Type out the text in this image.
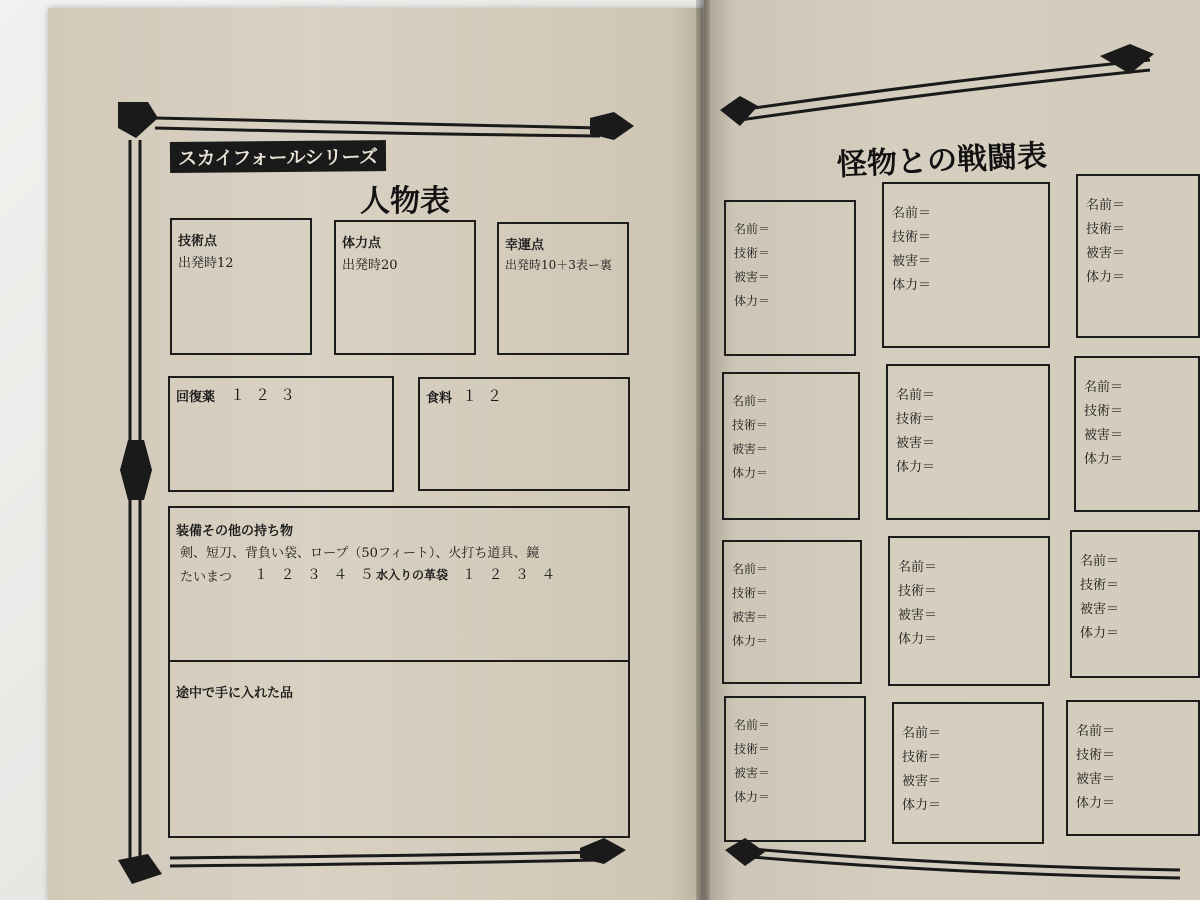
スカイフォールシリーズ
人物表
技術点
出発時12
体力点
出発時20
幸運点
出発時10＋3表ー裏
回復薬 １２３	食料 １２
装備その他の持ち物
剣、短刀、背負い袋、ロープ（50フィート）、火打ち道具、鏡
たいまつ １ ２ ３ ４ ５、
水入りの革袋 １ ２ ３ ４
途中で手に入れた品
怪物との戦闘表
名前＝
技術＝
被害＝
体力＝
名前＝
技術＝
被害＝
体力＝
名前＝
技術＝
被害＝
体力＝
名前＝
技術＝
被害＝
体力＝
名前＝
技術＝
被害＝
体力＝
名前＝
技術＝
被害＝
体力＝
名前＝
技術＝
被害＝
体力＝
名前＝
技術＝
被害＝
体力＝
名前＝
技術＝
被害＝
体力＝
名前＝
技術＝
被害＝
体力＝
名前＝
技術＝
被害＝
体力＝
名前＝
技術＝
被害＝
体力＝
